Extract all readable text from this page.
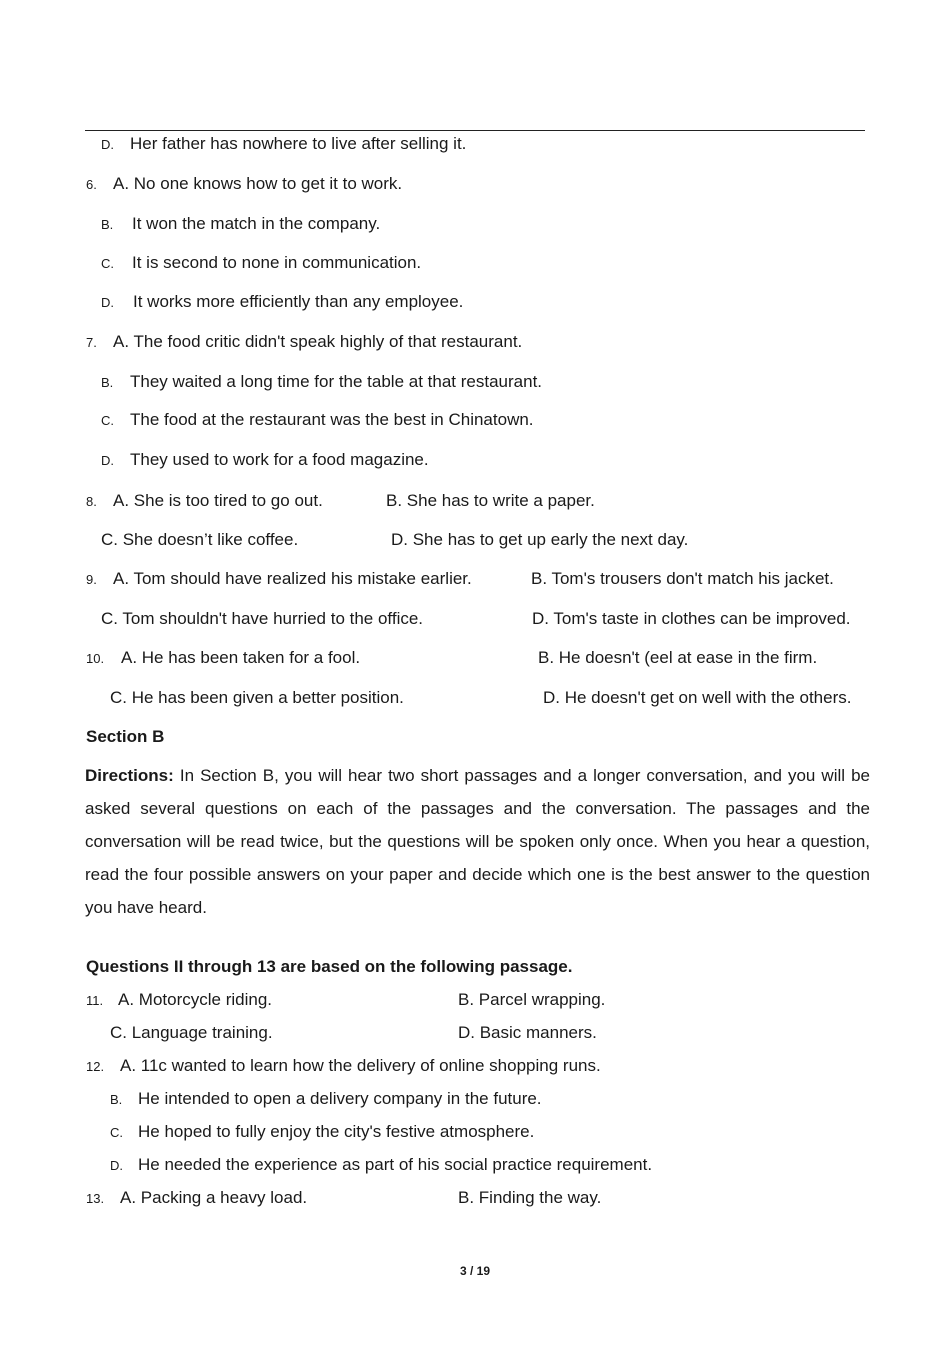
D. Her father has nowhere to live after selling it.
6. A. No one knows how to get it to work.
B. It won the match in the company.
C. It is second to none in communication.
D. It works more efficiently than any employee.
7. A. The food critic didn't speak highly of that restaurant.
B. They waited a long time for the table at that restaurant.
C. The food at the restaurant was the best in Chinatown.
D. They used to work for a food magazine.
8. A. She is too tired to go out.	B. She has to write a paper.
C. She doesn’t like coffee.	D. She has to get up early the next day.
9. A. Tom should have realized his mistake earlier.	B. Tom's trousers don't match his jacket.
C. Tom shouldn't have hurried to the office.	D. Tom's taste in clothes can be improved.
10. A. He has been taken for a fool.	B. He doesn't (eel at ease in the firm.
C. He has been given a better position.	D. He doesn't get on well with the others.
Section B
Directions: In Section B, you will hear two short passages and a longer conversation, and you will be asked several questions on each of the passages and the conversation. The passages and the conversation will be read twice, but the questions will be spoken only once. When you hear a question, read the four possible answers on your paper and decide which one is the best answer to the question you have heard.
Questions II through 13 are based on the following passage.
11. A. Motorcycle riding.	B. Parcel wrapping.
C. Language training.	D. Basic manners.
12. A. 11c wanted to learn how the delivery of online shopping runs.
B. He intended to open a delivery company in the future.
C. He hoped to fully enjoy the city's festive atmosphere.
D. He needed the experience as part of his social practice requirement.
13. A. Packing a heavy load.	B. Finding the way.
3 / 19
